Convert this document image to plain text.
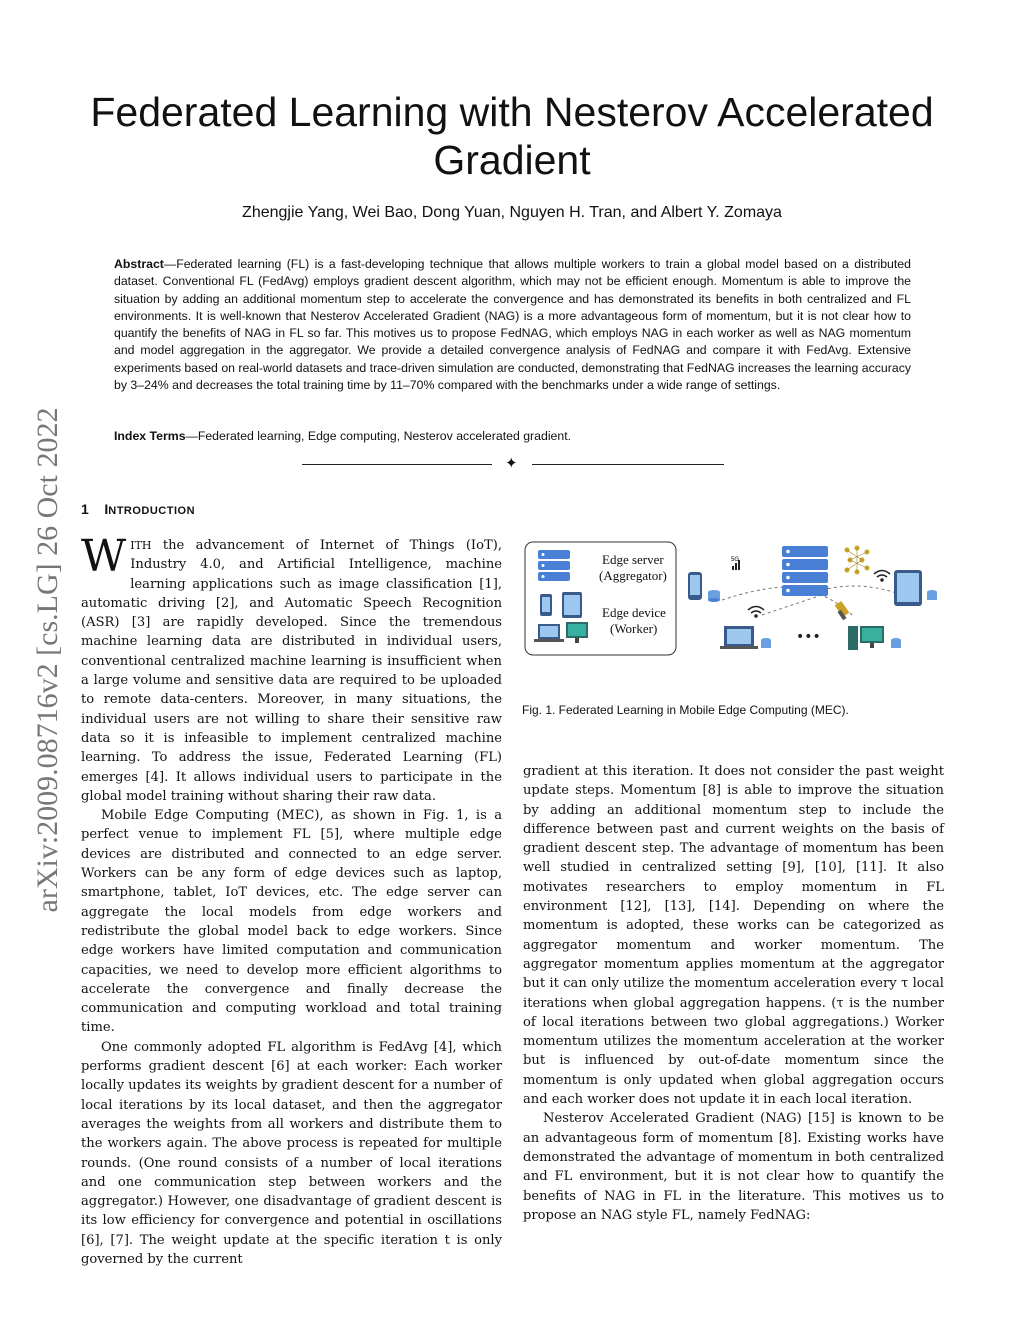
arXiv:2009.08716v2 [cs.LG] 26 Oct 2022
Federated Learning with Nesterov Accelerated Gradient
Zhengjie Yang, Wei Bao, Dong Yuan, Nguyen H. Tran, and Albert Y. Zomaya
Abstract—Federated learning (FL) is a fast-developing technique that allows multiple workers to train a global model based on a distributed dataset. Conventional FL (FedAvg) employs gradient descent algorithm, which may not be efficient enough. Momentum is able to improve the situation by adding an additional momentum step to accelerate the convergence and has demonstrated its benefits in both centralized and FL environments. It is well-known that Nesterov Accelerated Gradient (NAG) is a more advantageous form of momentum, but it is not clear how to quantify the benefits of NAG in FL so far. This motives us to propose FedNAG, which employs NAG in each worker as well as NAG momentum and model aggregation in the aggregator. We provide a detailed convergence analysis of FedNAG and compare it with FedAvg. Extensive experiments based on real-world datasets and trace-driven simulation are conducted, demonstrating that FedNAG increases the learning accuracy by 3–24% and decreases the total training time by 11–70% compared with the benchmarks under a wide range of settings.
Index Terms—Federated learning, Edge computing, Nesterov accelerated gradient.
✦
1 INTRODUCTION

WITH the advancement of Internet of Things (IoT), Industry 4.0, and Artificial Intelligence, machine learning applications such as image classification [1], automatic driving [2], and Automatic Speech Recognition (ASR) [3] are rapidly developed. Since the tremendous machine learning data are distributed in individual users, conventional centralized machine learning is insufficient when a large volume and sensitive data are required to be uploaded to remote data-centers. Moreover, in many situations, the individual users are not willing to share their sensitive raw data so it is infeasible to implement centralized machine learning. To address the issue, Federated Learning (FL) emerges [4]. It allows individual users to participate in the global model training without sharing their raw data.

Mobile Edge Computing (MEC), as shown in Fig. 1, is a perfect venue to implement FL [5], where multiple edge devices are distributed and connected to an edge server. Workers can be any form of edge devices such as laptop, smartphone, tablet, IoT devices, etc. The edge server can aggregate the local models from edge workers and redistribute the global model back to edge workers. Since edge workers have limited computation and communication capacities, we need to develop more efficient algorithms to accelerate the convergence and finally decrease the communication and computing workload and total training time.

One commonly adopted FL algorithm is FedAvg [4], which performs gradient descent [6] at each worker: Each worker locally updates its weights by gradient descent for a number of local iterations by its local dataset, and then the aggregator averages the weights from all workers and distribute them to the workers again. The above process is repeated for multiple rounds. (One round consists of a number of local iterations and one communication step between workers and the aggregator.) However, one disadvantage of gradient descent is its low efficiency for convergence and potential in oscillations [6], [7]. The weight update at the specific iteration t is only governed by the current

Edge server
(Aggregator)
Edge device
(Worker)
5G
•••
Fig. 1. Federated Learning in Mobile Edge Computing (MEC).

gradient at this iteration. It does not consider the past weight update steps. Momentum [8] is able to improve the situation by adding an additional momentum step to include the difference between past and current weights on the basis of gradient descent step. The advantage of momentum has been well studied in centralized setting [9], [10], [11]. It also motivates researchers to employ momentum in FL environment [12], [13], [14]. Depending on where the momentum is adopted, these works can be categorized as aggregator momentum and worker momentum. The aggregator momentum applies momentum at the aggregator but it can only utilize the momentum acceleration every τ local iterations when global aggregation happens. (τ is the number of local iterations between two global aggregations.) Worker momentum utilizes the momentum acceleration at the worker but is influenced by out-of-date momentum since the momentum is only updated when global aggregation occurs and each worker does not update it in each local iteration.

Nesterov Accelerated Gradient (NAG) [15] is known to be an advantageous form of momentum [8]. Existing works have demonstrated the advantage of momentum in both centralized and FL environment, but it is not clear how to quantify the benefits of NAG in FL in the literature. This motives us to propose an NAG style FL, namely FedNAG:
